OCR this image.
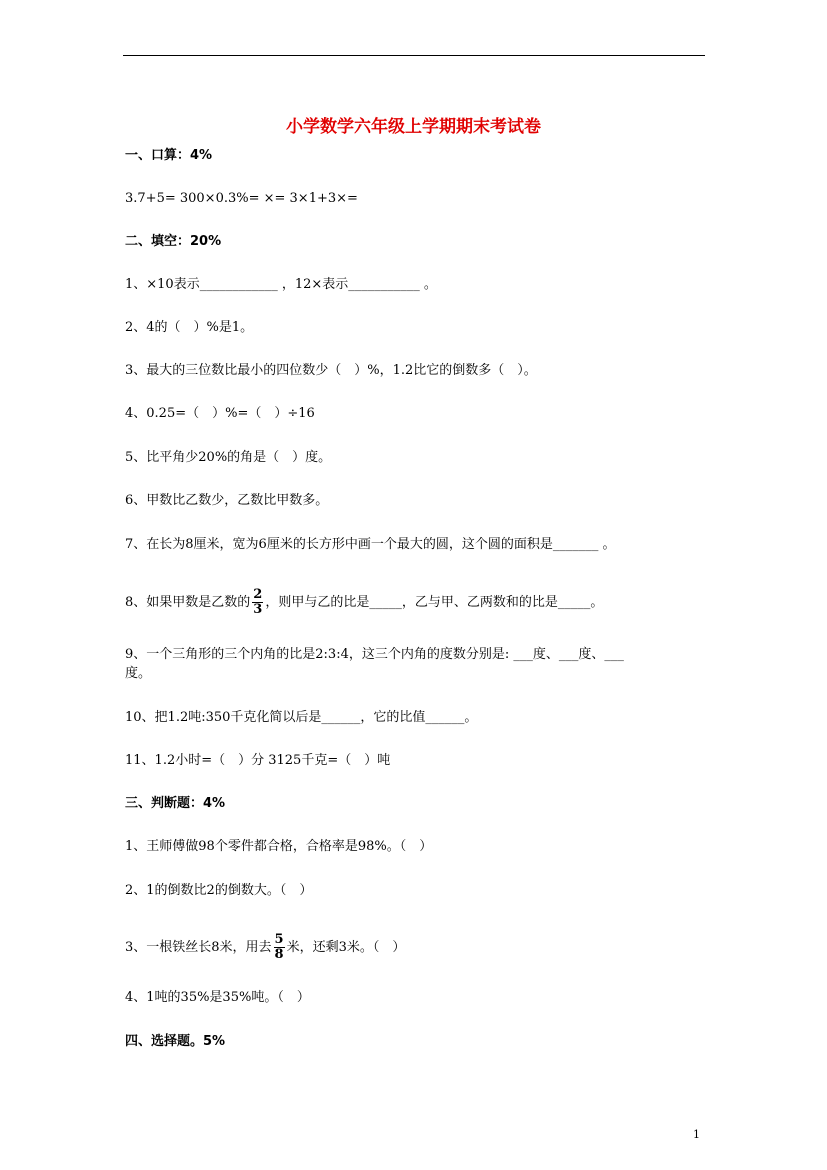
小学数学六年级上学期期末考试卷
一、口算：4%
3.7+5= 300×0.3%= ×= 3×1+3×=
二、填空：20%
1、×10表示____________ ，12×表示___________ 。
2、4的（　）%是1。
3、最大的三位数比最小的四位数少（　）%，1.2比它的倒数多（　）。
4、0.25=（　）%=（　）÷16
5、比平角少20%的角是（　）度。
6、甲数比乙数少，乙数比甲数多。
7、在长为8厘米，宽为6厘米的长方形中画一个最大的圆，这个圆的面积是_______ 。
8、如果甲数是乙数的 $\frac{2}{3}$ ，则甲与乙的比是_____，乙与甲、乙两数和的比是_____。
9、一个三角形的三个内角的比是2:3:4，这三个内角的度数分别是: ___度、___度、___
度。
10、把1.2吨:350千克化简以后是______，它的比值______。
11、1.2小时=（　）分 3125千克=（　）吨
三、判断题：4%
1、王师傅做98个零件都合格，合格率是98%。（　）
2、1的倒数比2的倒数大。（　）
3、一根铁丝长8米，用去 $\frac{5}{8}$ 米，还剩3米。（　）
4、1吨的35%是35%吨。（　）
四、选择题。5%
1
